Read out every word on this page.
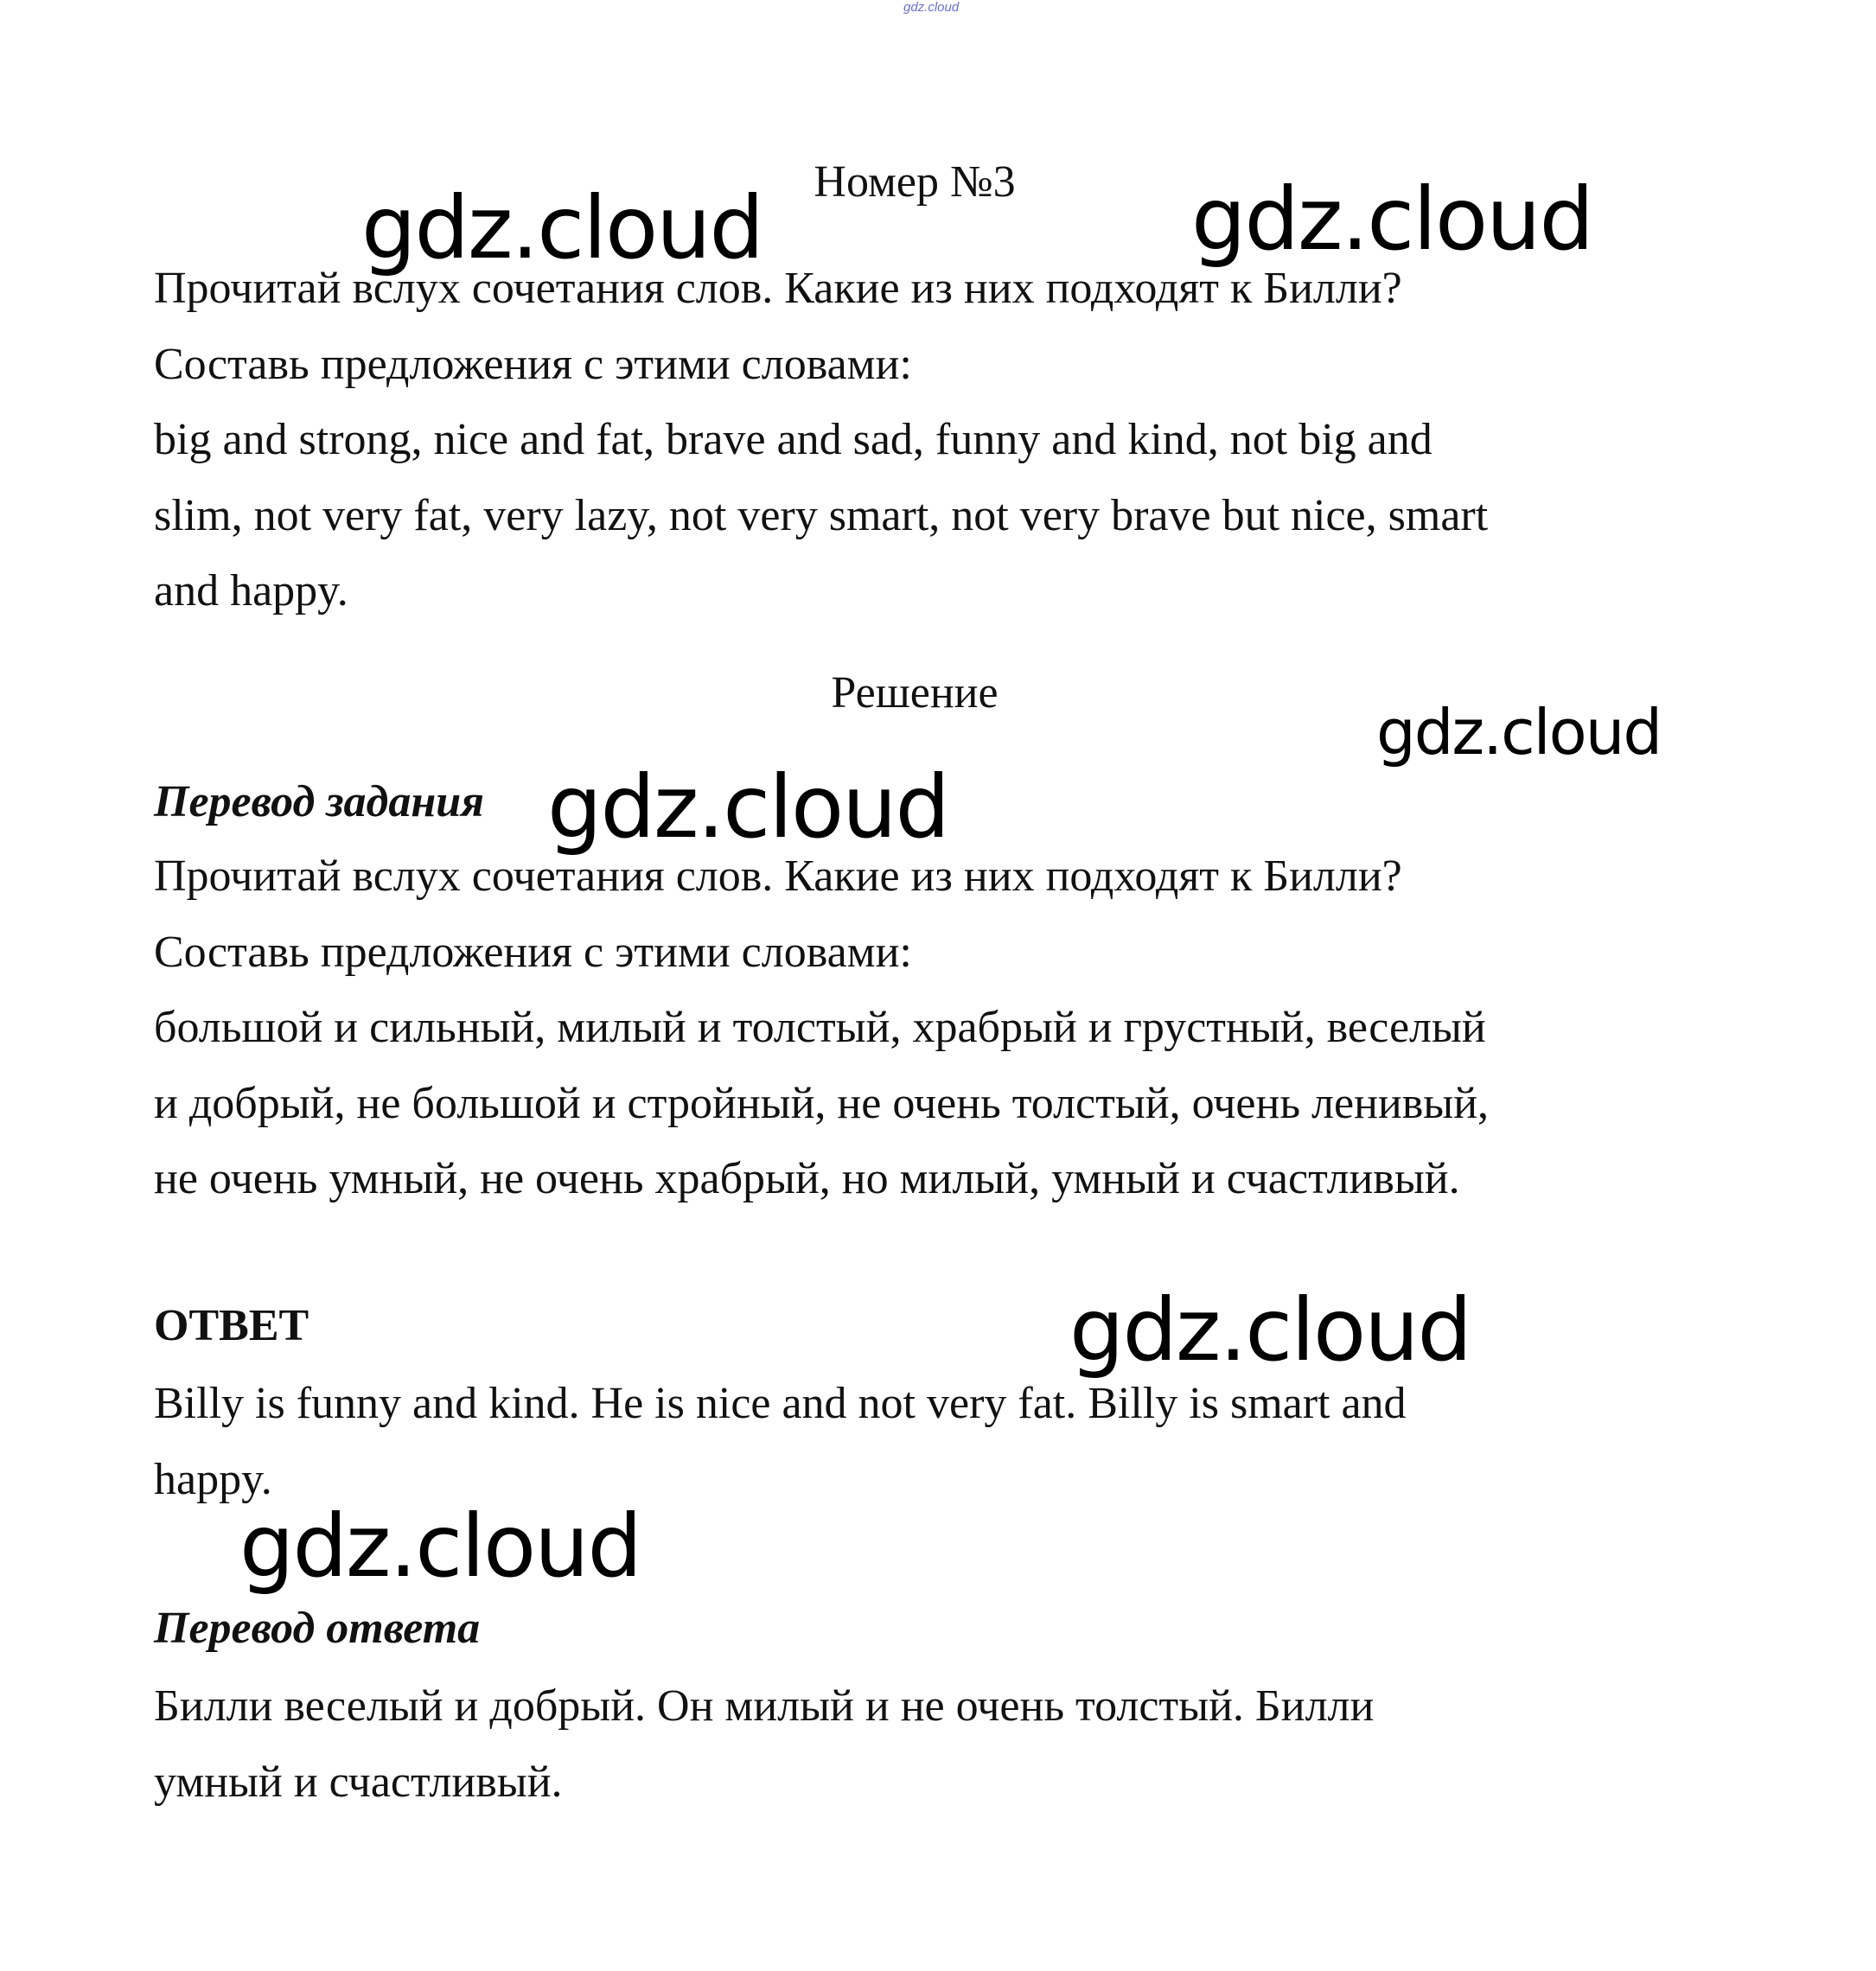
gdz.cloud
Номер №3

Прочитай вслух сочетания слов. Какие из них подходят к Билли?
Составь предложения с этими словами:
big and strong, nice and fat, brave and sad, funny and kind, not big and
slim, not very fat, very lazy, not very smart, not very brave but nice, smart
and happy.

Решение
Перевод задания

Прочитай вслух сочетания слов. Какие из них подходят к Билли?
Составь предложения с этими словами:
большой и сильный, милый и толстый, храбрый и грустный, веселый
и добрый, не большой и стройный, не очень толстый, очень ленивый,
не очень умный, не очень храбрый, но милый, умный и счастливый.

ОТВЕТ

Billy is funny and kind. He is nice and not very fat. Billy is smart and
happy.

Перевод ответа

Билли веселый и добрый. Он милый и не очень толстый. Билли
умный и счастливый.

gdz.cloud	gdz.cloud
gdz.cloud
gdz.cloud
gdz.cloud
gdz.cloud
